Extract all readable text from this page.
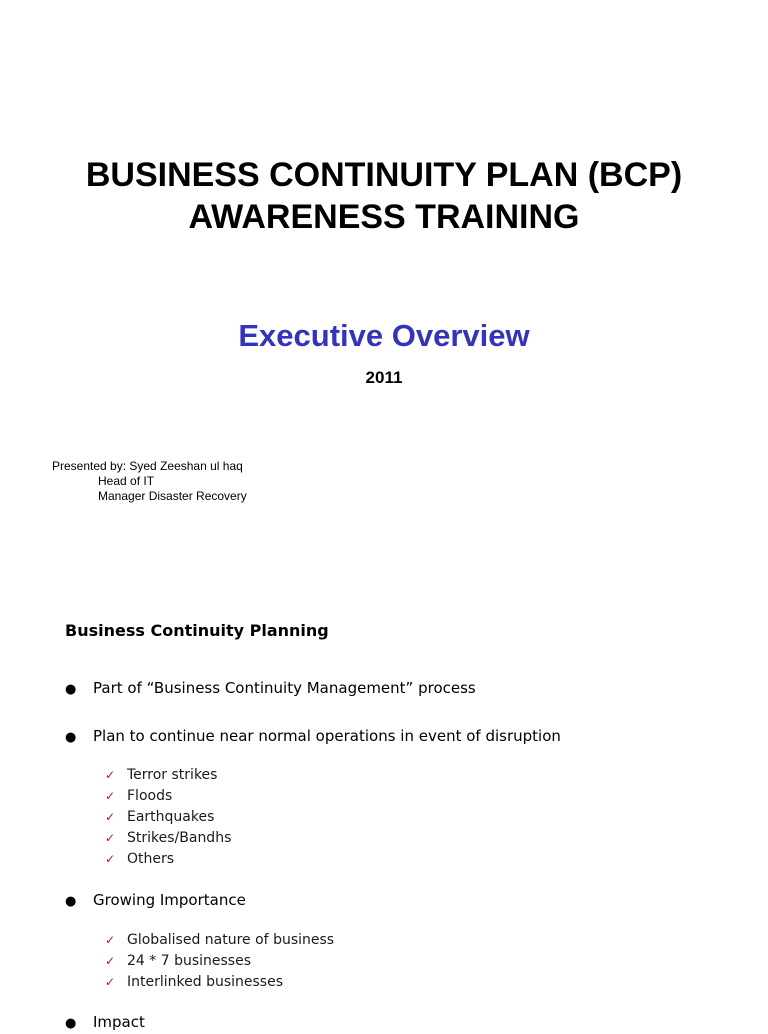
BUSINESS CONTINUITY PLAN (BCP)
AWARENESS TRAINING
Executive Overview
2011
Presented by: Syed Zeeshan ul haq
Head of IT
Manager Disaster Recovery
Business Continuity Planning
● Part of “Business Continuity Management” process
● Plan to continue near normal operations in event of disruption
✓ Terror strikes
✓ Floods
✓ Earthquakes
✓ Strikes/Bandhs
✓ Others
● Growing Importance
✓ Globalised nature of business
✓ 24 * 7 businesses
✓ Interlinked businesses
● Impact
